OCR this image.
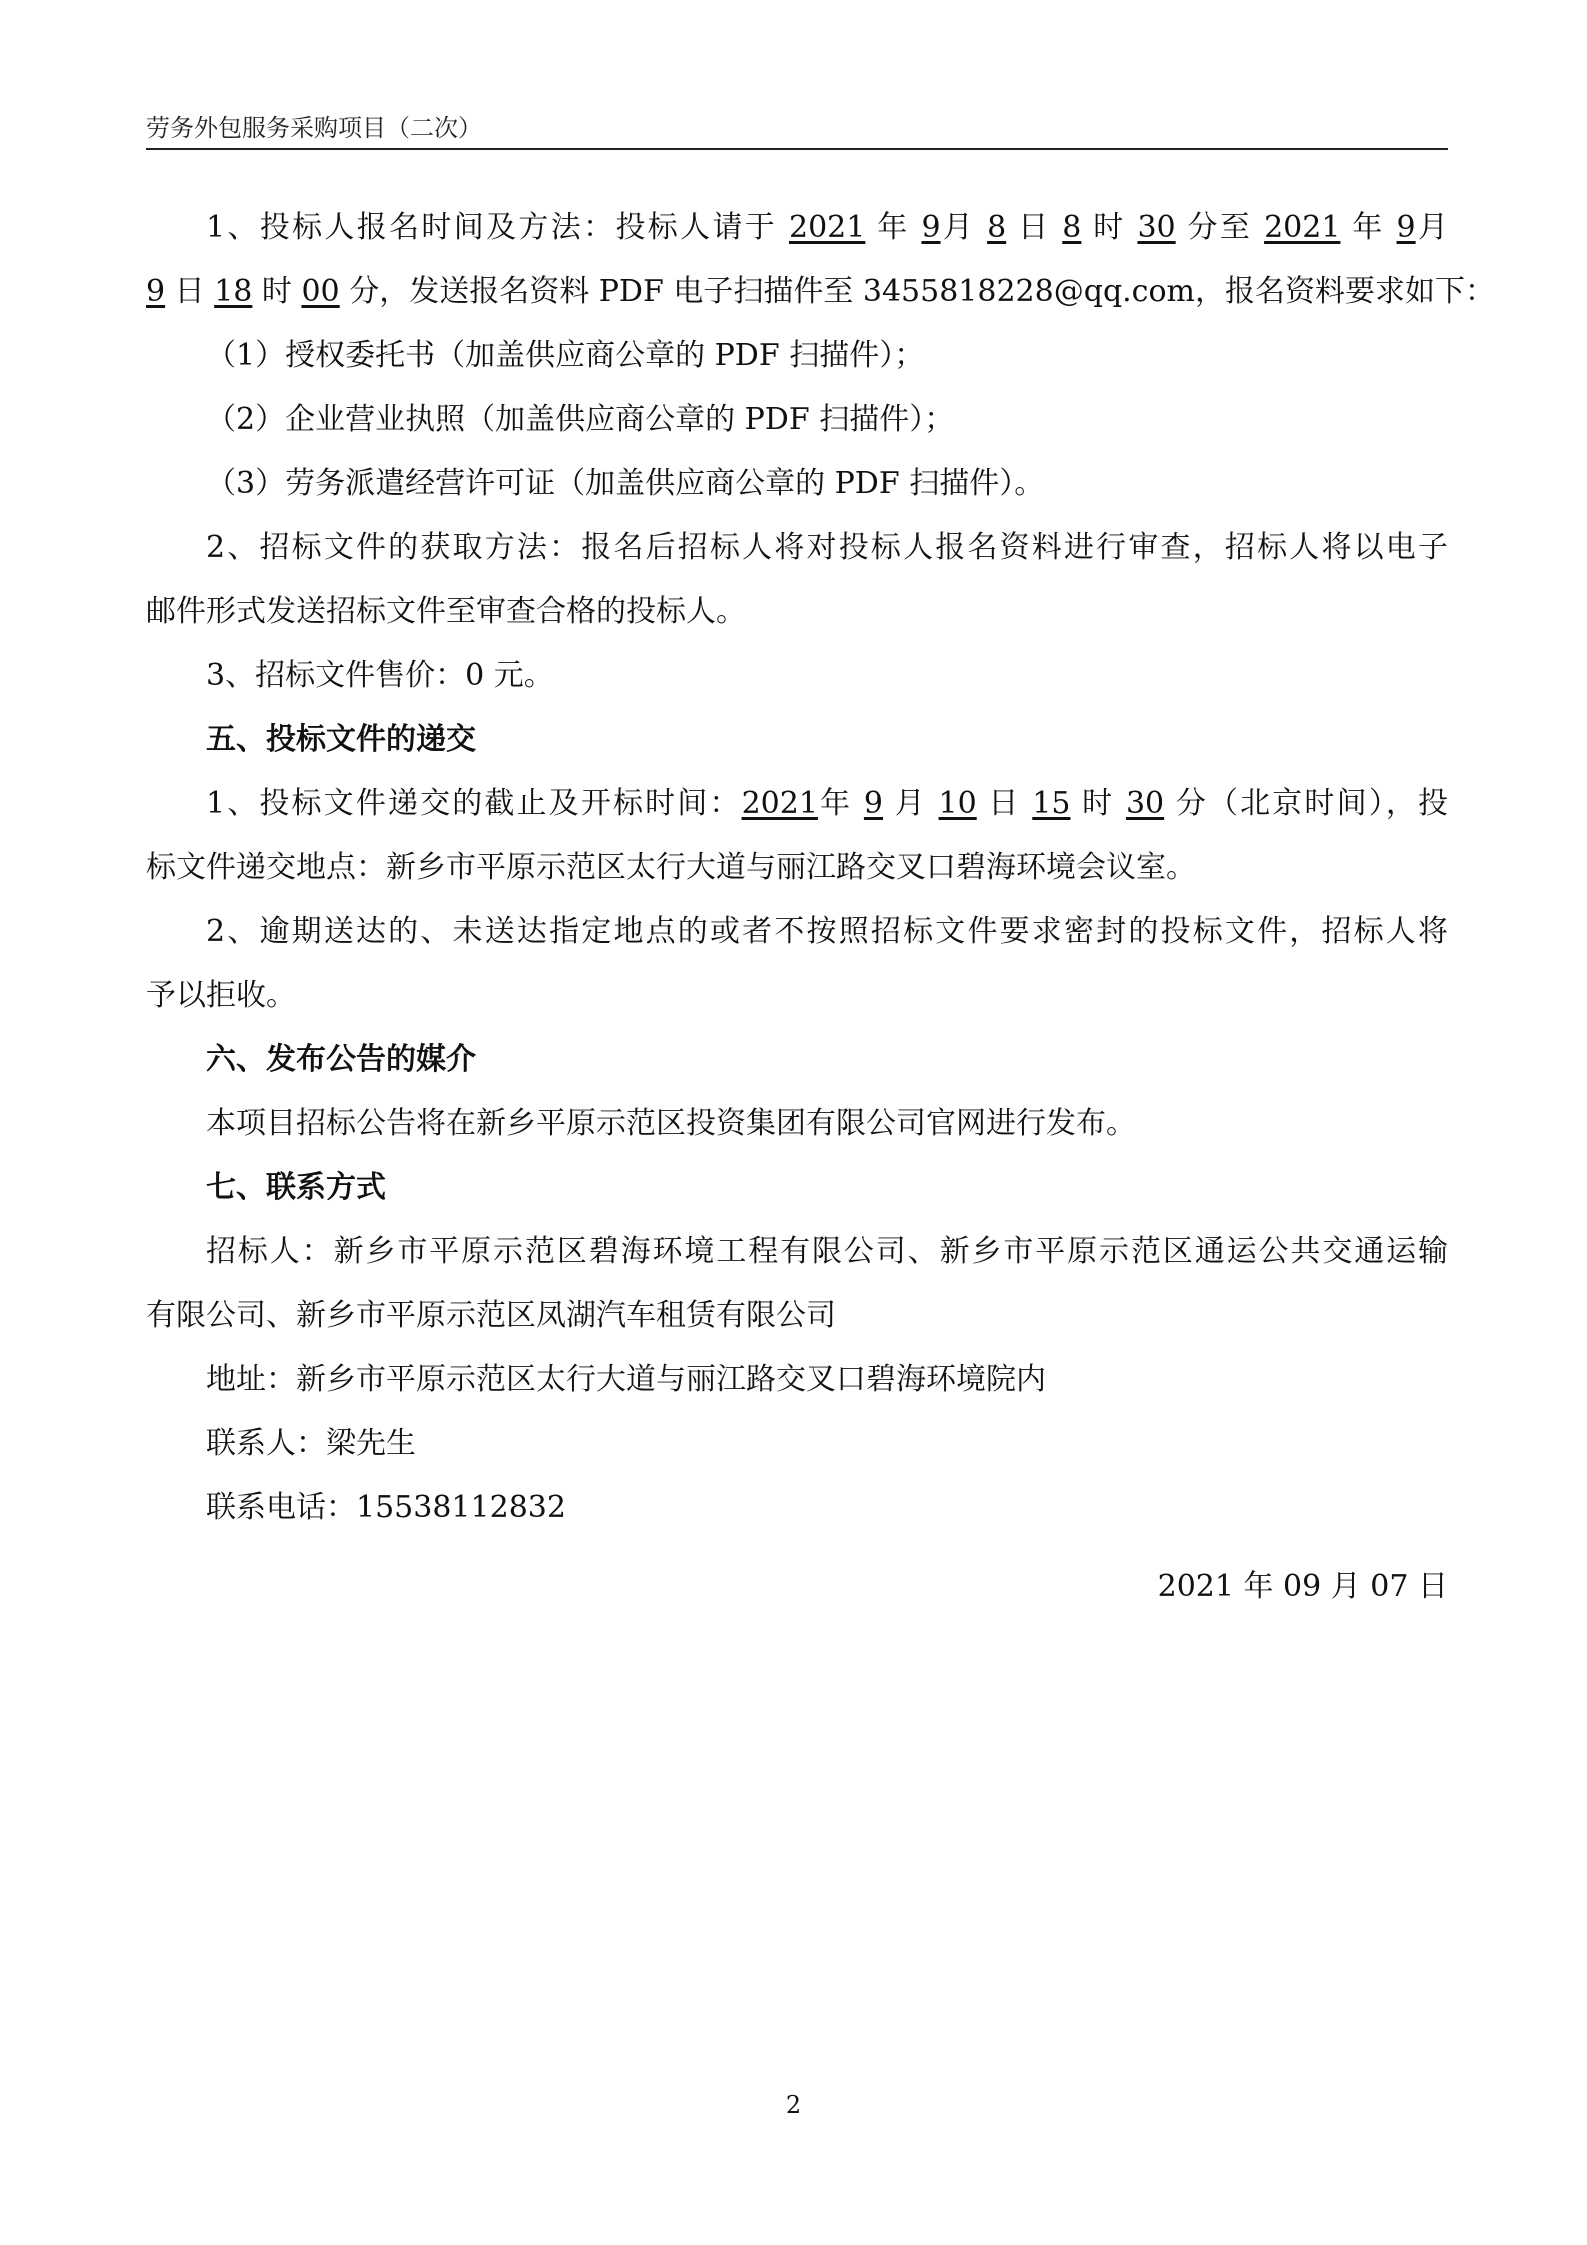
劳务外包服务采购项目（二次）
1、投标人报名时间及方法：投标人请于 2021 年 9月 8 日 8 时 30 分至 2021 年 9月
9 日 18 时 00 分，发送报名资料 PDF 电子扫描件至 3455818228@qq.com，报名资料要求如下：
（1）授权委托书（加盖供应商公章的 PDF 扫描件）；
（2）企业营业执照（加盖供应商公章的 PDF 扫描件）；
（3）劳务派遣经营许可证（加盖供应商公章的 PDF 扫描件）。
2、招标文件的获取方法：报名后招标人将对投标人报名资料进行审查，招标人将以电子
邮件形式发送招标文件至审查合格的投标人。
3、招标文件售价：0 元。
五、投标文件的递交
1、投标文件递交的截止及开标时间：2021年 9 月 10 日 15 时 30 分（北京时间），投
标文件递交地点：新乡市平原示范区太行大道与丽江路交叉口碧海环境会议室。
2、逾期送达的、未送达指定地点的或者不按照招标文件要求密封的投标文件，招标人将
予以拒收。
六、发布公告的媒介
本项目招标公告将在新乡平原示范区投资集团有限公司官网进行发布。
七、联系方式
招标人：新乡市平原示范区碧海环境工程有限公司、新乡市平原示范区通运公共交通运输
有限公司、新乡市平原示范区凤湖汽车租赁有限公司
地址：新乡市平原示范区太行大道与丽江路交叉口碧海环境院内
联系人：梁先生
联系电话：15538112832
2021 年 09 月 07 日
2
